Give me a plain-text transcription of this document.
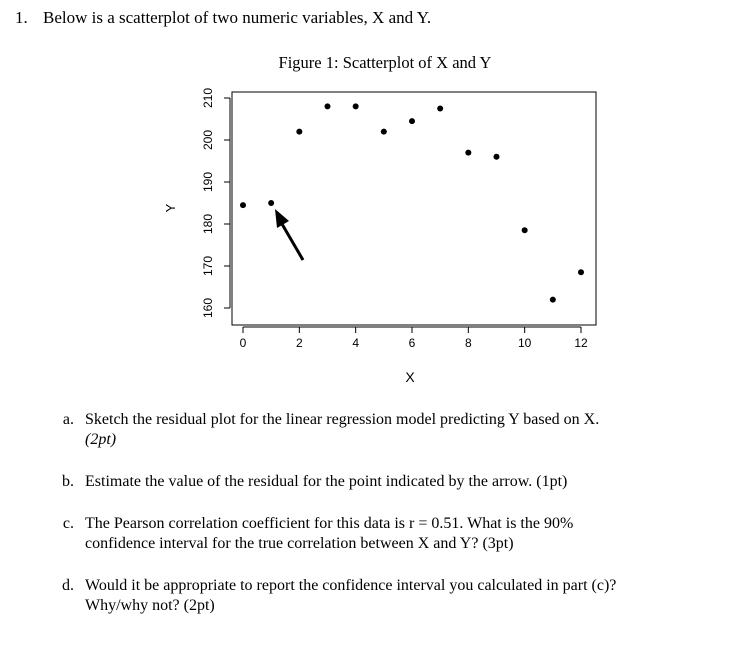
1. Below is a scatterplot of two numeric variables, X and Y.
Figure 1: Scatterplot of X and Y
0	2	4	6	8	10	12
160
170
180
190
200
210
X
Y
a. Sketch the residual plot for the linear regression model predicting Y based on X.
(2pt)
b. Estimate the value of the residual for the point indicated by the arrow. (1pt)
c. The Pearson correlation coefficient for this data is r = 0.51. What is the 90%
confidence interval for the true correlation between X and Y? (3pt)
d. Would it be appropriate to report the confidence interval you calculated in part (c)?
Why/why not? (2pt)
